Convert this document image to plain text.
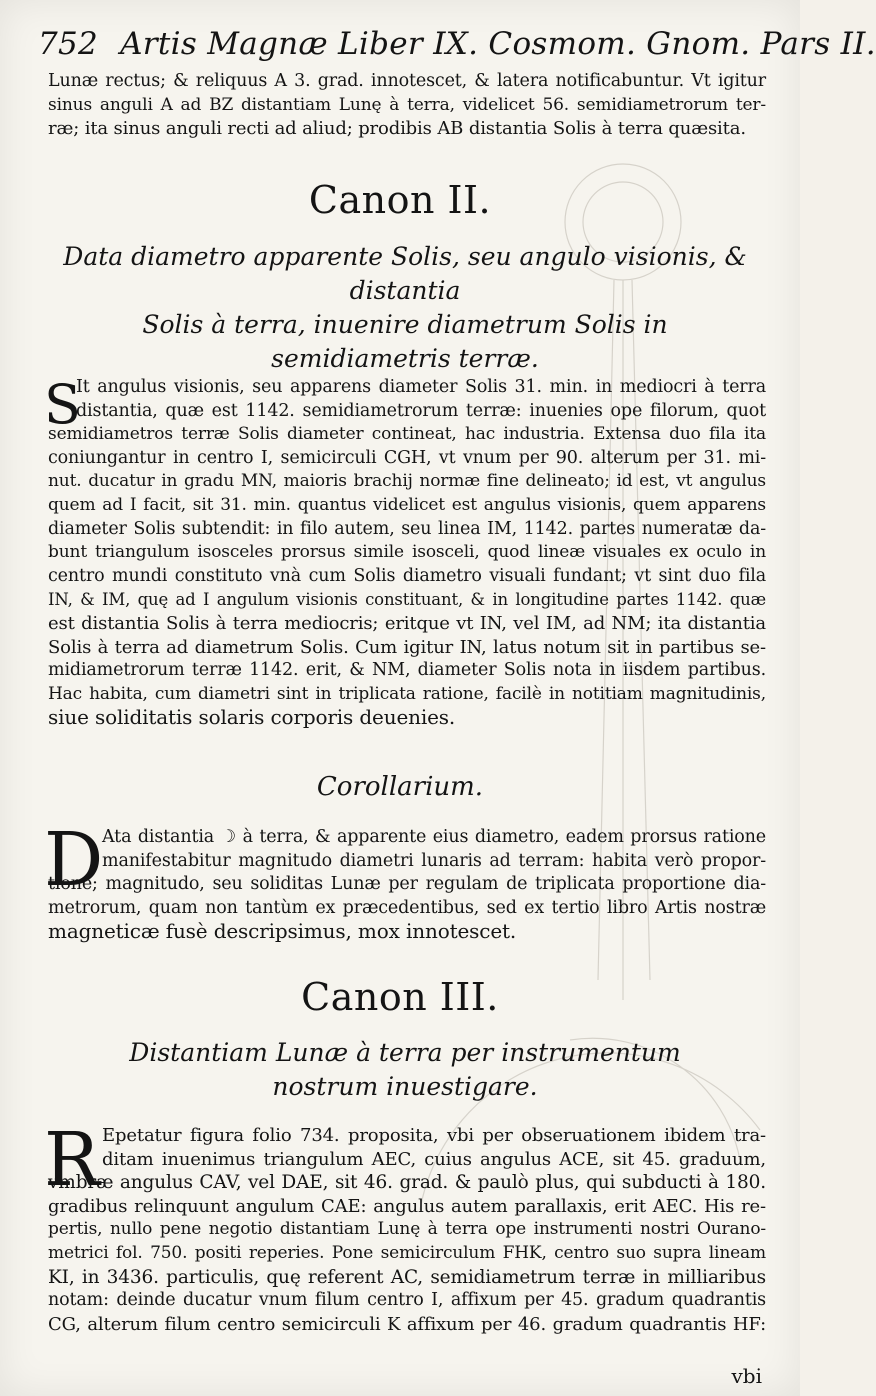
752 Artis Magnæ Liber IX. Cosmom. Gnom. Pars II.
Lunæ rectus; & reliquus A 3. grad. innotescet, & latera notificabuntur. Vt igitur
sinus anguli A ad BZ distantiam Lunę à terra, videlicet 56. semidiametrorum ter-
ræ; ita sinus anguli recti ad aliud; prodibis AB distantia Solis à terra quæsita.
Canon II.
Data diametro apparente Solis, seu angulo visionis, & distantia
Solis à terra, inuenire diametrum Solis in
semidiametris terræ.
S
It angulus visionis, seu apparens diameter Solis 31. min. in mediocri à terra
distantia, quæ est 1142. semidiametrorum terræ: inuenies ope filorum, quot
semidiametros terræ Solis diameter contineat, hac industria. Extensa duo fila ita
coniungantur in centro I, semicirculi CGH, vt vnum per 90. alterum per 31. mi-
nut. ducatur in gradu MN, maioris brachij normæ fine delineato; id est, vt angulus
quem ad I facit, sit 31. min. quantus videlicet est angulus visionis, quem apparens
diameter Solis subtendit: in filo autem, seu linea IM, 1142. partes numeratæ da-
bunt triangulum isosceles prorsus simile isosceli, quod lineæ visuales ex oculo in
centro mundi constituto vnà cum Solis diametro visuali fundant; vt sint duo fila
IN, & IM, quę ad I angulum visionis constituant, & in longitudine partes 1142. quæ
est distantia Solis à terra mediocris; eritque vt IN, vel IM, ad NM; ita distantia
Solis à terra ad diametrum Solis. Cum igitur IN, latus notum sit in partibus se-
midiametrorum terræ 1142. erit, & NM, diameter Solis nota in iisdem partibus.
Hac habita, cum diametri sint in triplicata ratione, facilè in notitiam magnitudinis,
siue soliditatis solaris corporis deuenies.
Corollarium.
D
Ata distantia ☽ à terra, & apparente eius diametro, eadem prorsus ratione
manifestabitur magnitudo diametri lunaris ad terram: habita verò propor-
tione; magnitudo, seu soliditas Lunæ per regulam de triplicata proportione dia-
metrorum, quam non tantùm ex præcedentibus, sed ex tertio libro Artis nostræ
magneticæ fusè descripsimus, mox innotescet.
Canon III.
Distantiam Lunæ à terra per instrumentum
nostrum inuestigare.
R Epetatur figura folio 734. proposita, vbi per obseruationem ibidem tra-
ditam inuenimus triangulum AEC, cuius angulus ACE, sit 45. graduum,
vmbræ angulus CAV, vel DAE, sit 46. grad. & paulò plus, qui subducti à 180.
gradibus relinquunt angulum CAE: angulus autem parallaxis, erit AEC. His re-
pertis, nullo pene negotio distantiam Lunę à terra ope instrumenti nostri Ourano-
metrici fol. 750. positi reperies. Pone semicirculum FHK, centro suo supra lineam
KI, in 3436. particulis, quę referent AC, semidiametrum terræ in milliaribus
notam: deinde ducatur vnum filum centro I, affixum per 45. gradum quadrantis
CG, alterum filum centro semicirculi K affixum per 46. gradum quadrantis HF:
vbi
